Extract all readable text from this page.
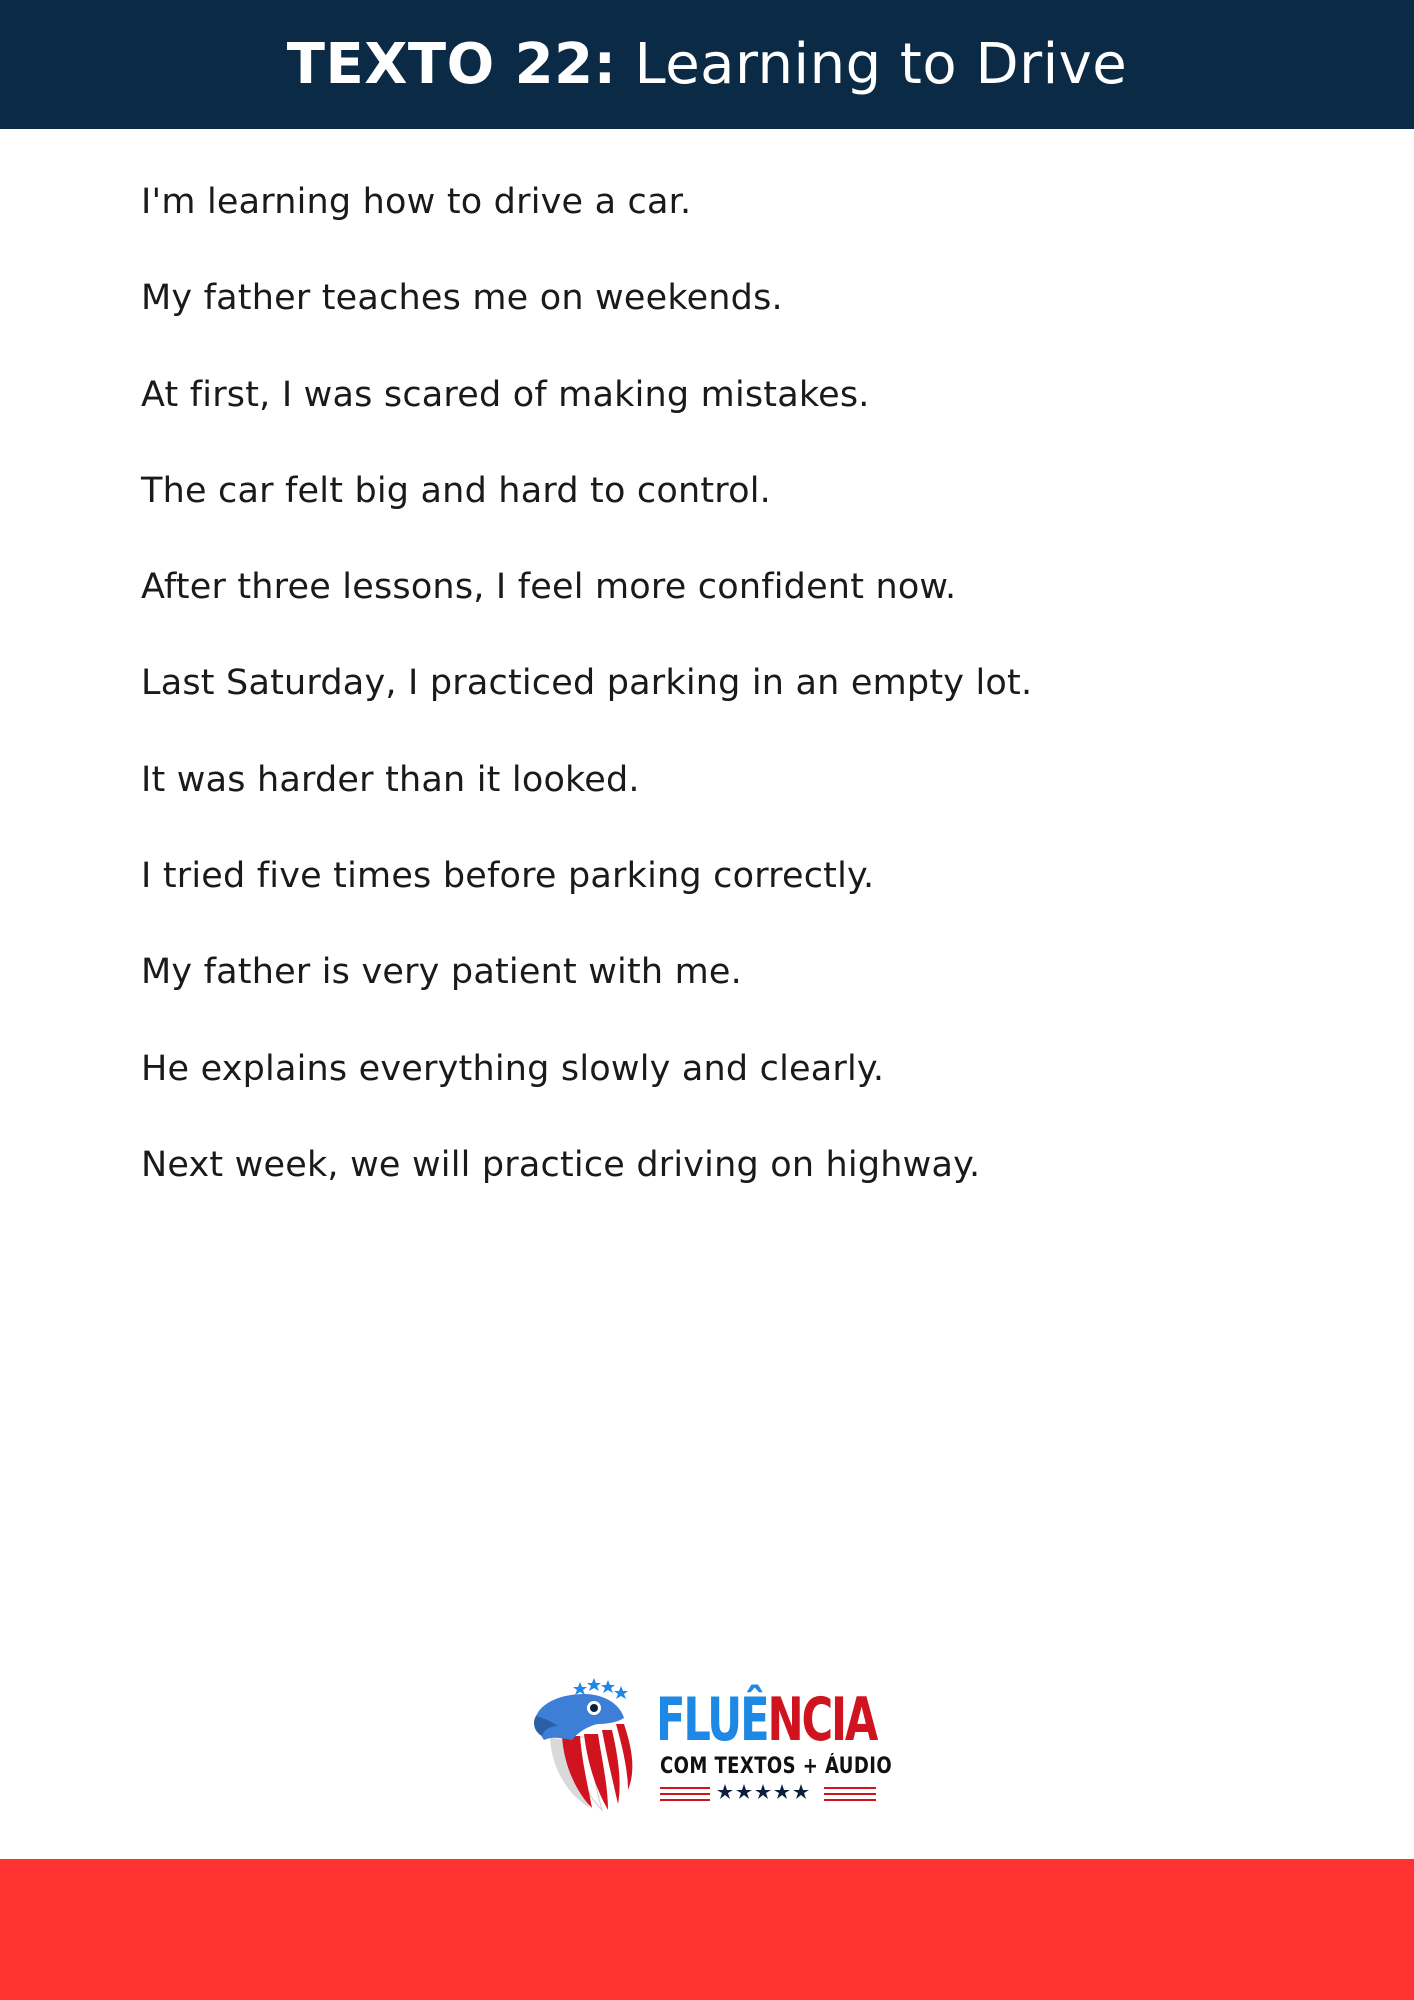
TEXTO 22: Learning to Drive
I'm learning how to drive a car.
My father teaches me on weekends.
At first, I was scared of making mistakes.
The car felt big and hard to control.
After three lessons, I feel more confident now.
Last Saturday, I practiced parking in an empty lot.
It was harder than it looked.
I tried five times before parking correctly.
My father is very patient with me.
He explains everything slowly and clearly.
Next week, we will practice driving on highway.
FLUÊNCIA
COM TEXTOS + ÁUDIO
